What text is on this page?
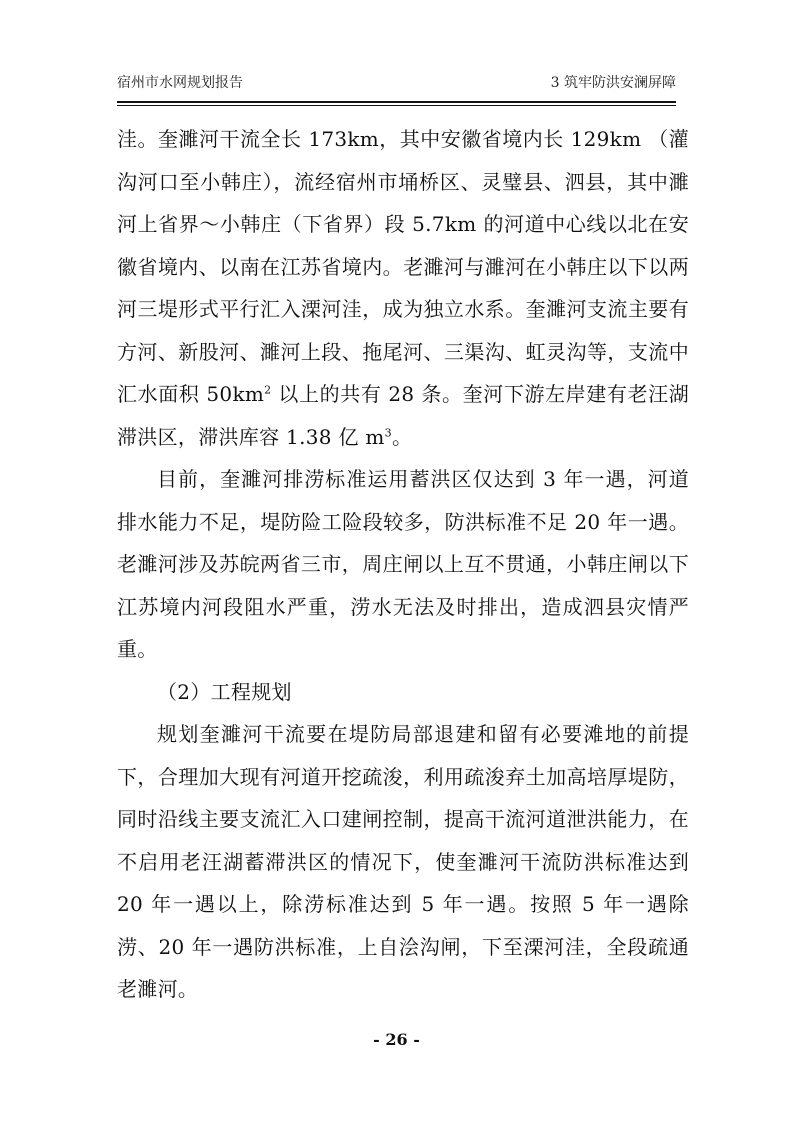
宿州市水网规划报告	3 筑牢防洪安澜屏障

洼。奎濉河干流全长 173km，其中安徽省境内长 129km （灌沟河口至小韩庄），流经宿州市埇桥区、灵璧县、泗县，其中濉河上省界～小韩庄（下省界）段 5.7km 的河道中心线以北在安徽省境内、以南在江苏省境内。老濉河与濉河在小韩庄以下以两河三堤形式平行汇入溧河洼，成为独立水系。奎濉河支流主要有方河、新股河、濉河上段、拖尾河、三渠沟、虹灵沟等，支流中汇水面积 $50km^2$ 以上的共有 28 条。奎河下游左岸建有老汪湖滞洪区，滞洪库容 1.38 亿 $m^3$。

目前，奎濉河排涝标准运用蓄洪区仅达到 3 年一遇，河道排水能力不足，堤防险工险段较多，防洪标准不足 20 年一遇。老濉河涉及苏皖两省三市，周庄闸以上互不贯通，小韩庄闸以下江苏境内河段阻水严重，涝水无法及时排出，造成泗县灾情严重。

（2）工程规划

规划奎濉河干流要在堤防局部退建和留有必要滩地的前提下，合理加大现有河道开挖疏浚，利用疏浚弃土加高培厚堤防，同时沿线主要支流汇入口建闸控制，提高干流河道泄洪能力，在不启用老汪湖蓄滞洪区的情况下，使奎濉河干流防洪标准达到 20 年一遇以上，除涝标准达到 5 年一遇。按照 5 年一遇除涝、20 年一遇防洪标准，上自浍沟闸，下至溧河洼，全段疏通老濉河。

- 26 -
